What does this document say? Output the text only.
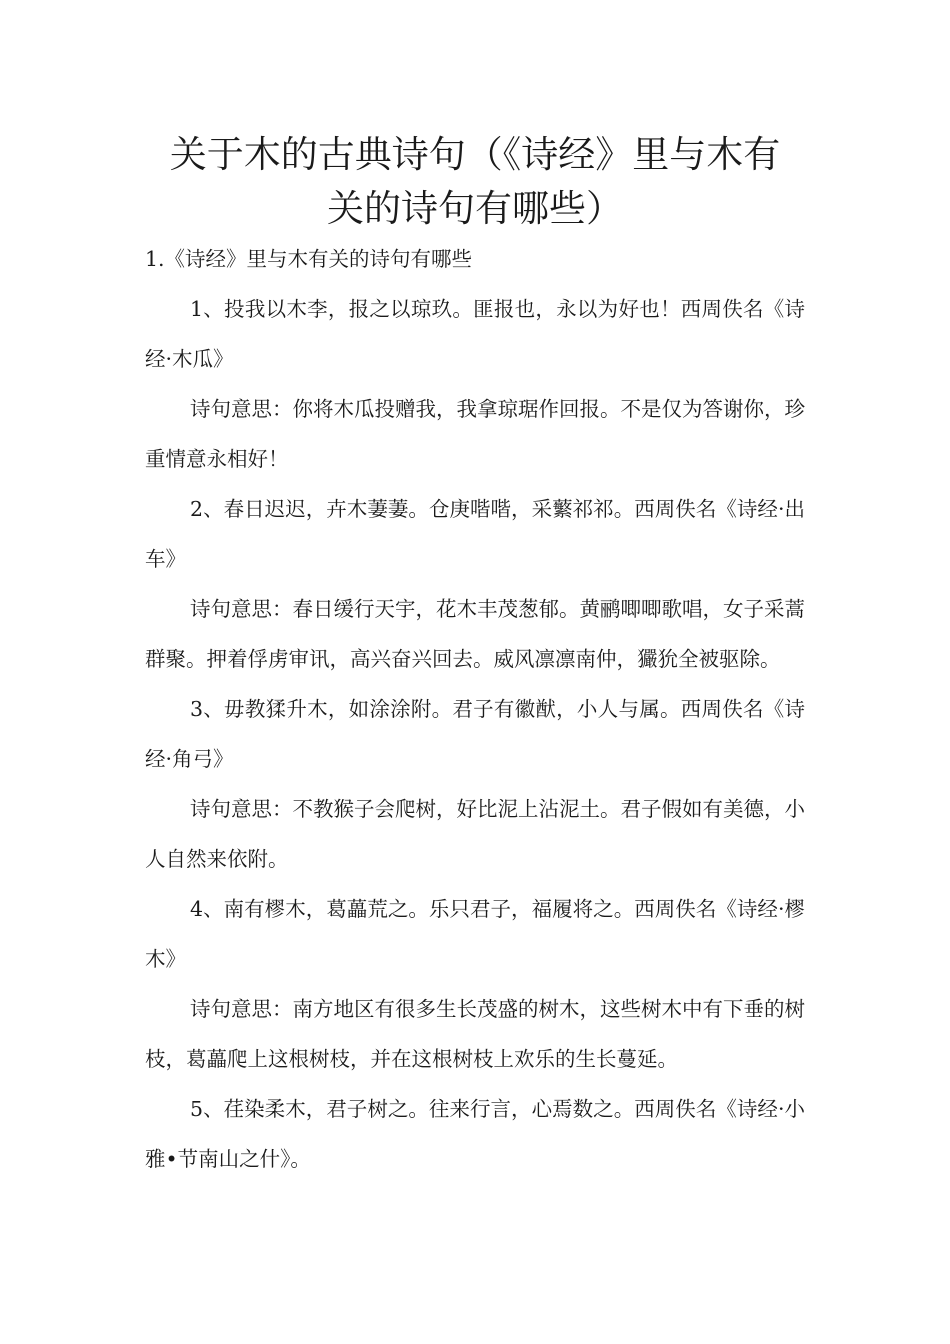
关于木的古典诗句（《诗经》里与木有
关的诗句有哪些）

1.《诗经》里与木有关的诗句有哪些

1、投我以木李，报之以琼玖。匪报也，永以为好也！西周佚名《诗经·木瓜》

诗句意思：你将木瓜投赠我，我拿琼琚作回报。不是仅为答谢你，珍重情意永相好！

2、春日迟迟，卉木萋萋。仓庚喈喈，采蘩祁祁。西周佚名《诗经·出车》

诗句意思：春日缓行天宇，花木丰茂葱郁。黄鹂唧唧歌唱，女子采蒿群聚。押着俘虏审讯，高兴奋兴回去。威风凛凛南仲，玁狁全被驱除。

3、毋教猱升木，如涂涂附。君子有徽猷，小人与属。西周佚名《诗经·角弓》

诗句意思：不教猴子会爬树，好比泥上沾泥土。君子假如有美德，小人自然来依附。

4、南有樛木，葛藟荒之。乐只君子，福履将之。西周佚名《诗经·樛木》

诗句意思：南方地区有很多生长茂盛的树木，这些树木中有下垂的树枝，葛藟爬上这根树枝，并在这根树枝上欢乐的生长蔓延。

5、荏染柔木，君子树之。往来行言，心焉数之。西周佚名《诗经·小雅•节南山之什》。
